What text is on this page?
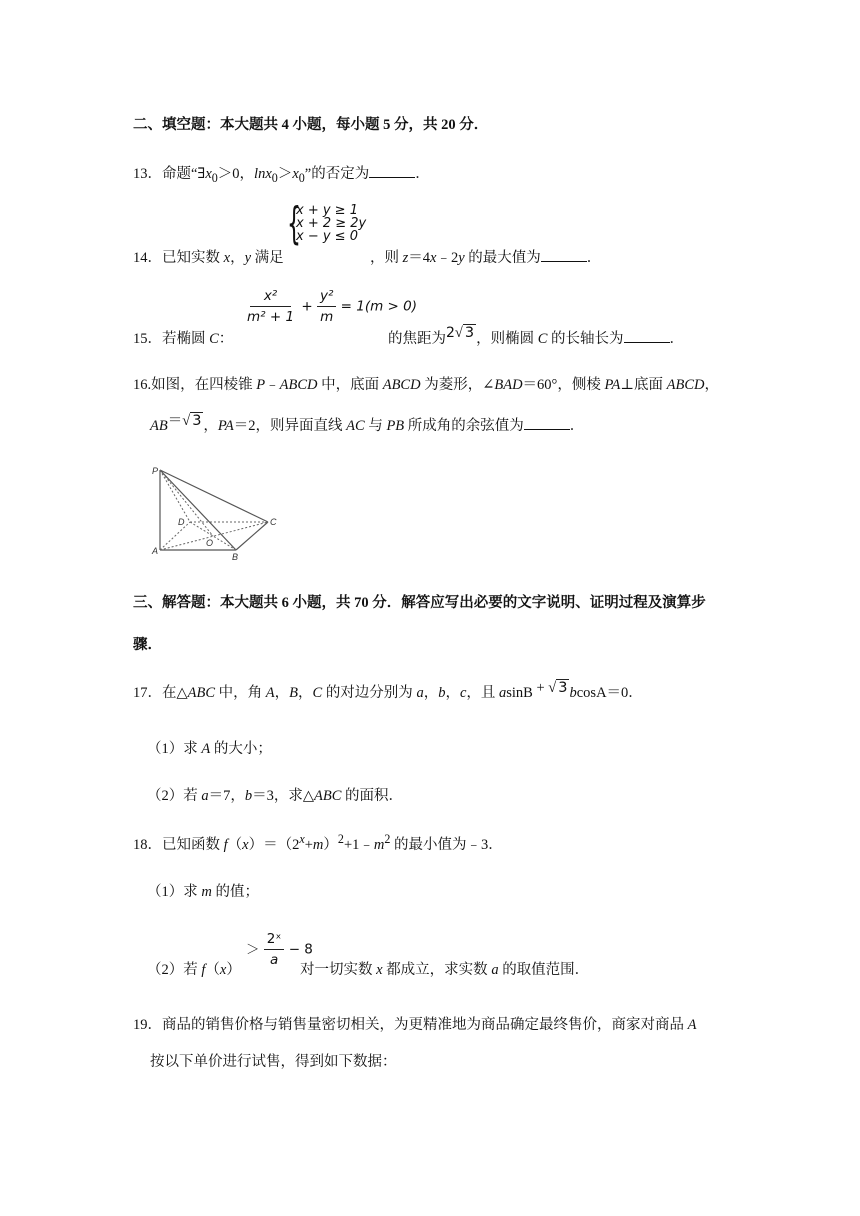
二、填空题：本大题共 4 小题，每小题 5 分，共 20 分．
13．命题“$\exists x_0>0$，$\ln x_0>x_0$”的否定为	．
{
x + y ≥ 1
x + 2 ≥ 2y
x − y ≤ 0
14．已知实数 x，y 满足	，则 z＝4x﹣2y 的最大值为	．
15．若椭圆 C：
$\frac{\text{x²}}{\text{m² + 1}} + \frac{\text{y²}}{m} = 1(m > 0)$
的焦距为2√ 3 ，则椭圆 C 的长轴长为	．
16.如图，在四棱锥 P﹣ABCD 中，底面 ABCD 为菱形，∠BAD＝60°，侧棱 PA⊥底面 ABCD，
AB＝√ 3 ，PA＝2，则异面直线 AC 与 PB 所成角的余弦值为	．
P
D	C
O
A
B
三、解答题：本大题共 6 小题，共 70 分．解答应写出必要的文字说明、证明过程及演算步
骤．
17．在△ABC 中，角 A，B，C 的对边分别为 a，b，c，且 asinB + √ 3 bcosA＝0．
（1）求 A 的大小；
（2）若 a＝7，b＝3，求△ABC 的面积．
18．已知函数 $f(x)=(2^x+m)^2+1﹣m^2$ 的最小值为﹣3．
（1）求 m 的值；
（2）若 f（x）
＞ $\frac{\text{2ˣ}}{a} - 8$
对一切实数 x 都成立，求实数 a 的取值范围．
19．商品的销售价格与销售量密切相关，为更精准地为商品确定最终售价，商家对商品 A
按以下单价进行试售，得到如下数据：
